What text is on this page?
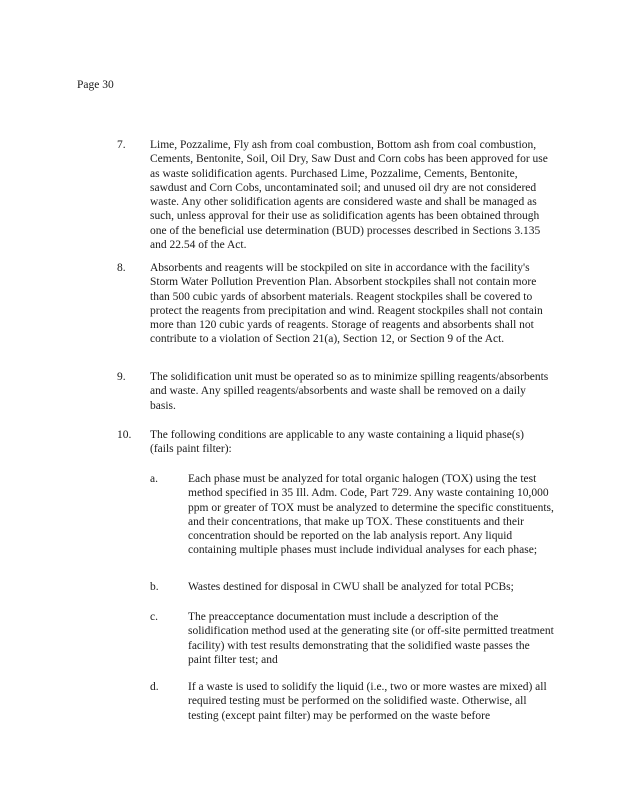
Page 30
7. Lime, Pozzalime, Fly ash from coal combustion, Bottom ash from coal combustion, Cements, Bentonite, Soil, Oil Dry, Saw Dust and Corn cobs has been approved for use as waste solidification agents. Purchased Lime, Pozzalime, Cements, Bentonite, sawdust and Corn Cobs, uncontaminated soil; and unused oil dry are not considered waste. Any other solidification agents are considered waste and shall be managed as such, unless approval for their use as solidification agents has been obtained through one of the beneficial use determination (BUD) processes described in Sections 3.135 and 22.54 of the Act.
8. Absorbents and reagents will be stockpiled on site in accordance with the facility's Storm Water Pollution Prevention Plan. Absorbent stockpiles shall not contain more than 500 cubic yards of absorbent materials. Reagent stockpiles shall be covered to protect the reagents from precipitation and wind. Reagent stockpiles shall not contain more than 120 cubic yards of reagents. Storage of reagents and absorbents shall not contribute to a violation of Section 21(a), Section 12, or Section 9 of the Act.
9. The solidification unit must be operated so as to minimize spilling reagents/absorbents and waste. Any spilled reagents/absorbents and waste shall be removed on a daily basis.
10. The following conditions are applicable to any waste containing a liquid phase(s) (fails paint filter):
a.	Each phase must be analyzed for total organic halogen (TOX) using the test method specified in 35 Ill. Adm. Code, Part 729. Any waste containing 10,000 ppm or greater of TOX must be analyzed to determine the specific constituents, and their concentrations, that make up TOX. These constituents and their concentration should be reported on the lab analysis report. Any liquid containing multiple phases must include individual analyses for each phase;
b.	Wastes destined for disposal in CWU shall be analyzed for total PCBs;
c.	The preacceptance documentation must include a description of the solidification method used at the generating site (or off-site permitted treatment facility) with test results demonstrating that the solidified waste passes the paint filter test; and
d.	If a waste is used to solidify the liquid (i.e., two or more wastes are mixed) all required testing must be performed on the solidified waste. Otherwise, all testing (except paint filter) may be performed on the waste before
